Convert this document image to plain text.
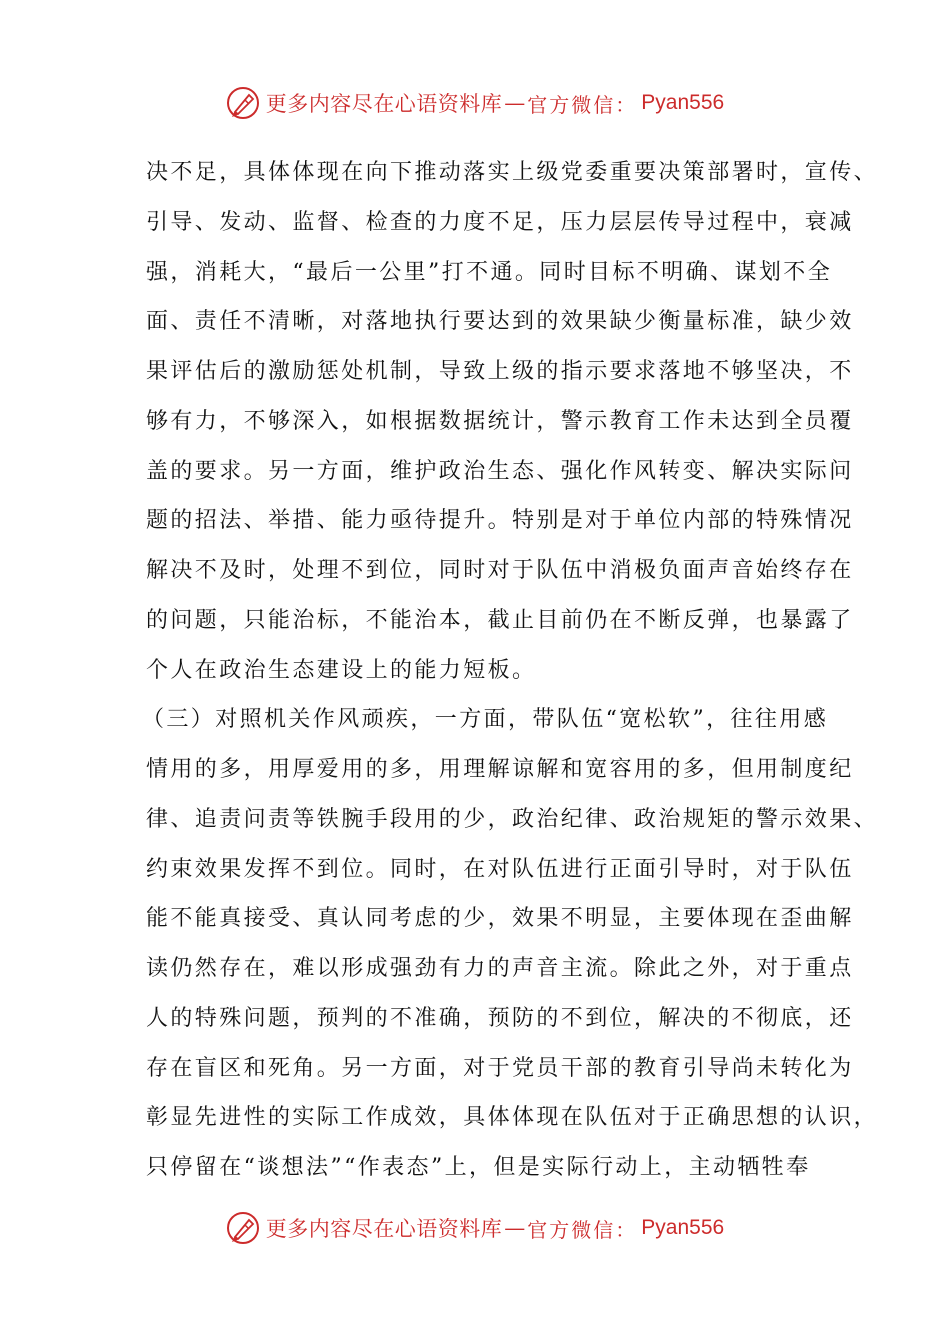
更多内容尽在心语资料库 — 官方微信： Pyan556
决不足，具体体现在向下推动落实上级党委重要决策部署时，宣传、
引导、发动、监督、检查的力度不足，压力层层传导过程中，衰减
强，消耗大，“最后一公里”打不通。同时目标不明确、谋划不全
面、责任不清晰，对落地执行要达到的效果缺少衡量标准，缺少效
果评估后的激励惩处机制，导致上级的指示要求落地不够坚决，不
够有力，不够深入，如根据数据统计，警示教育工作未达到全员覆
盖的要求。另一方面，维护政治生态、强化作风转变、解决实际问
题的招法、举措、能力亟待提升。特别是对于单位内部的特殊情况
解决不及时，处理不到位，同时对于队伍中消极负面声音始终存在
的问题，只能治标，不能治本，截止目前仍在不断反弹，也暴露了
个人在政治生态建设上的能力短板。
（三）对照机关作风顽疾，一方面，带队伍“宽松软”，往往用感
情用的多，用厚爱用的多，用理解谅解和宽容用的多，但用制度纪
律、追责问责等铁腕手段用的少，政治纪律、政治规矩的警示效果、
约束效果发挥不到位。同时，在对队伍进行正面引导时，对于队伍
能不能真接受、真认同考虑的少，效果不明显，主要体现在歪曲解
读仍然存在，难以形成强劲有力的声音主流。除此之外，对于重点
人的特殊问题，预判的不准确，预防的不到位，解决的不彻底，还
存在盲区和死角。另一方面，对于党员干部的教育引导尚未转化为
彰显先进性的实际工作成效，具体体现在队伍对于正确思想的认识，
只停留在“谈想法”“作表态”上，但是实际行动上，主动牺牲奉
更多内容尽在心语资料库 — 官方微信： Pyan556
